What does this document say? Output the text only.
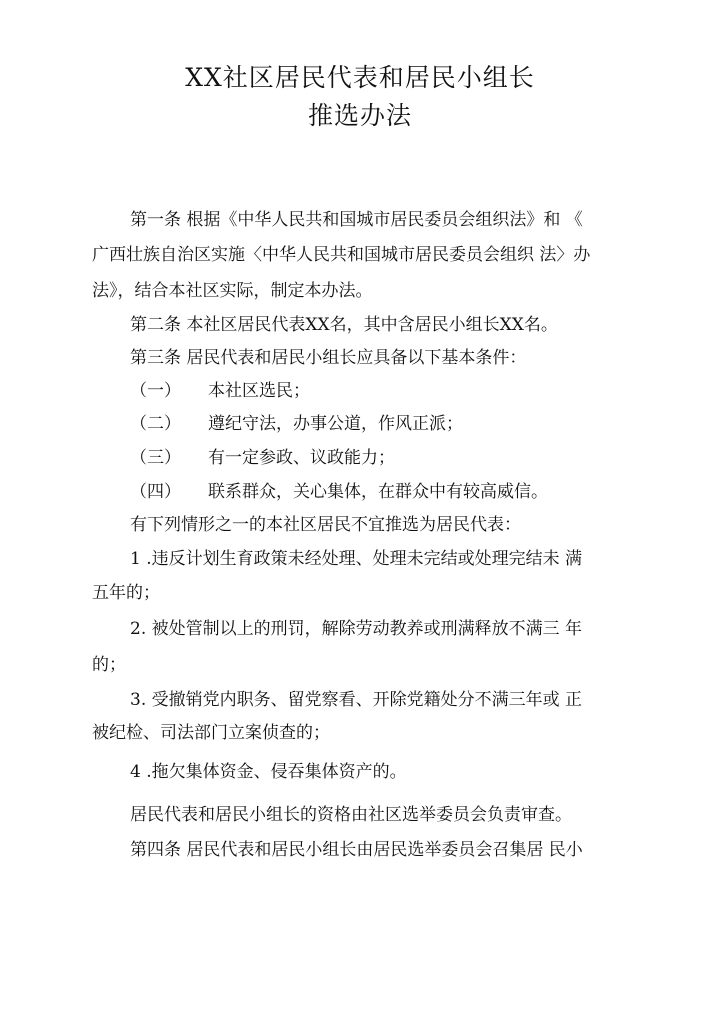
XX社区居民代表和居民小组长
推选办法

第一条 根据《中华人民共和国城市居民委员会组织法》和 《

广西壮族自治区实施〈中华人民共和国城市居民委员会组织 法〉办

法》，结合本社区实际，制定本办法。

第二条 本社区居民代表XX名，其中含居民小组长XX名。

第三条 居民代表和居民小组长应具备以下基本条件：

（一） 本社区选民；

（二） 遵纪守法，办事公道，作风正派；

（三） 有一定参政、议政能力；

（四） 联系群众，关心集体，在群众中有较高威信。

有下列情形之一的本社区居民不宜推选为居民代表：

1 .违反计划生育政策未经处理、处理未完结或处理完结未 满

五年的；

2. 被处管制以上的刑罚，解除劳动教养或刑满释放不满三 年

的；

3. 受撤销党内职务、留党察看、开除党籍处分不满三年或 正

被纪检、司法部门立案侦查的；

4 .拖欠集体资金、侵吞集体资产的。

居民代表和居民小组长的资格由社区选举委员会负责审查。

第四条 居民代表和居民小组长由居民选举委员会召集居 民小
